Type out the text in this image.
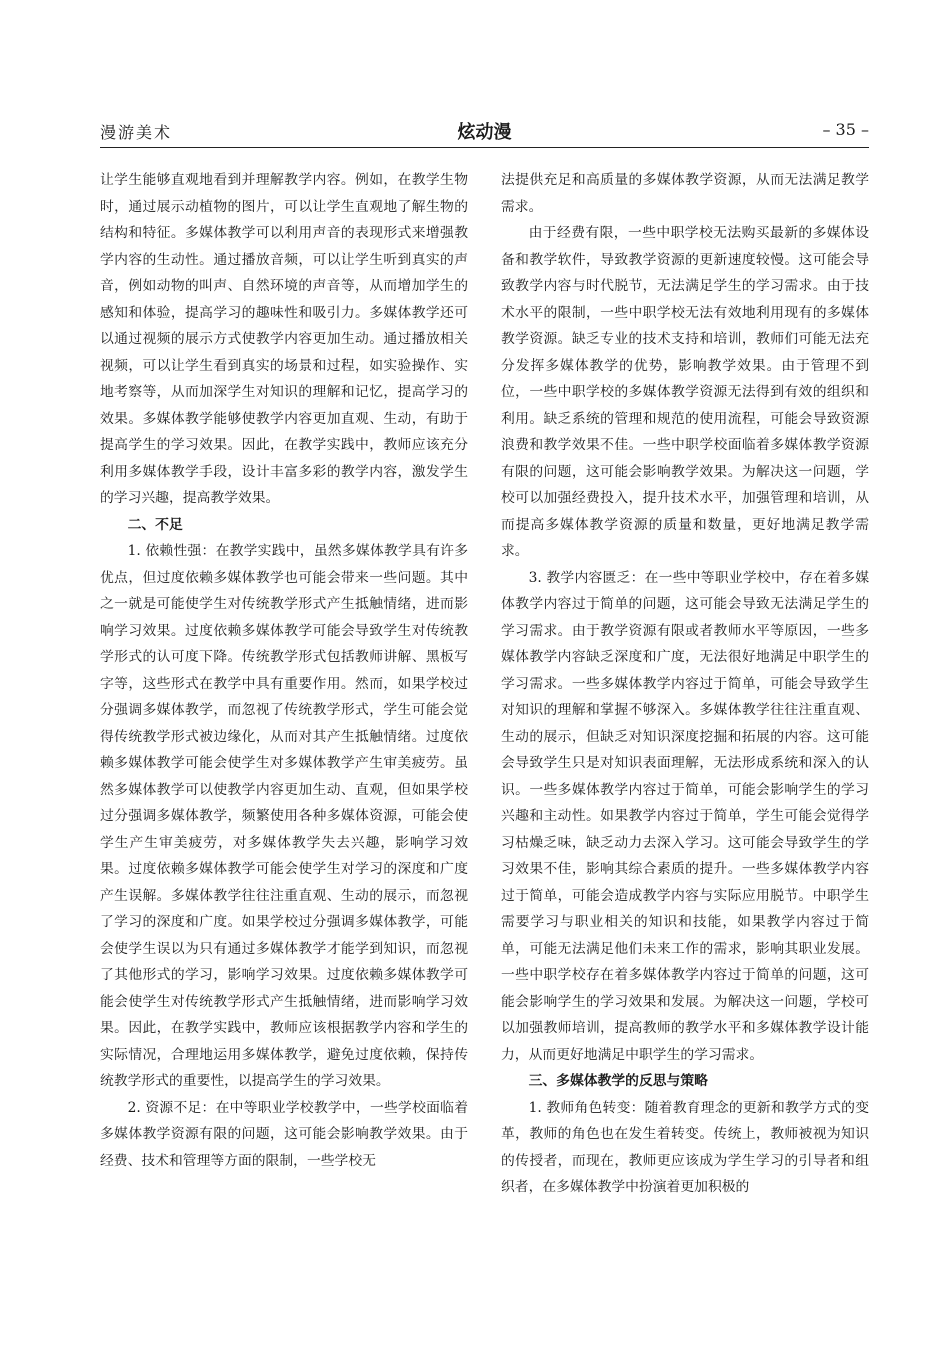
漫游美术	炫动漫	– 35 –

让学生能够直观地看到并理解教学内容。例如，在教学生物时，通过展示动植物的图片，可以让学生直观地了解生物的结构和特征。多媒体教学可以利用声音的表现形式来增强教学内容的生动性。通过播放音频，可以让学生听到真实的声音，例如动物的叫声、自然环境的声音等，从而增加学生的感知和体验，提高学习的趣味性和吸引力。多媒体教学还可以通过视频的展示方式使教学内容更加生动。通过播放相关视频，可以让学生看到真实的场景和过程，如实验操作、实地考察等，从而加深学生对知识的理解和记忆，提高学习的效果。多媒体教学能够使教学内容更加直观、生动，有助于提高学生的学习效果。因此，在教学实践中，教师应该充分利用多媒体教学手段，设计丰富多彩的教学内容，激发学生的学习兴趣，提高教学效果。

二、不足

1. 依赖性强：在教学实践中，虽然多媒体教学具有许多优点，但过度依赖多媒体教学也可能会带来一些问题。其中之一就是可能使学生对传统教学形式产生抵触情绪，进而影响学习效果。过度依赖多媒体教学可能会导致学生对传统教学形式的认可度下降。传统教学形式包括教师讲解、黑板写字等，这些形式在教学中具有重要作用。然而，如果学校过分强调多媒体教学，而忽视了传统教学形式，学生可能会觉得传统教学形式被边缘化，从而对其产生抵触情绪。过度依赖多媒体教学可能会使学生对多媒体教学产生审美疲劳。虽然多媒体教学可以使教学内容更加生动、直观，但如果学校过分强调多媒体教学，频繁使用各种多媒体资源，可能会使学生产生审美疲劳，对多媒体教学失去兴趣，影响学习效果。过度依赖多媒体教学可能会使学生对学习的深度和广度产生误解。多媒体教学往往注重直观、生动的展示，而忽视了学习的深度和广度。如果学校过分强调多媒体教学，可能会使学生误以为只有通过多媒体教学才能学到知识，而忽视了其他形式的学习，影响学习效果。过度依赖多媒体教学可能会使学生对传统教学形式产生抵触情绪，进而影响学习效果。因此，在教学实践中，教师应该根据教学内容和学生的实际情况，合理地运用多媒体教学，避免过度依赖，保持传统教学形式的重要性，以提高学生的学习效果。

2. 资源不足：在中等职业学校教学中，一些学校面临着多媒体教学资源有限的问题，这可能会影响教学效果。由于经费、技术和管理等方面的限制，一些学校无

法提供充足和高质量的多媒体教学资源，从而无法满足教学需求。

由于经费有限，一些中职学校无法购买最新的多媒体设备和教学软件，导致教学资源的更新速度较慢。这可能会导致教学内容与时代脱节，无法满足学生的学习需求。由于技术水平的限制，一些中职学校无法有效地利用现有的多媒体教学资源。缺乏专业的技术支持和培训，教师们可能无法充分发挥多媒体教学的优势，影响教学效果。由于管理不到位，一些中职学校的多媒体教学资源无法得到有效的组织和利用。缺乏系统的管理和规范的使用流程，可能会导致资源浪费和教学效果不佳。一些中职学校面临着多媒体教学资源有限的问题，这可能会影响教学效果。为解决这一问题，学校可以加强经费投入，提升技术水平，加强管理和培训，从而提高多媒体教学资源的质量和数量，更好地满足教学需求。

3. 教学内容匮乏：在一些中等职业学校中，存在着多媒体教学内容过于简单的问题，这可能会导致无法满足学生的学习需求。由于教学资源有限或者教师水平等原因，一些多媒体教学内容缺乏深度和广度，无法很好地满足中职学生的学习需求。一些多媒体教学内容过于简单，可能会导致学生对知识的理解和掌握不够深入。多媒体教学往往注重直观、生动的展示，但缺乏对知识深度挖掘和拓展的内容。这可能会导致学生只是对知识表面理解，无法形成系统和深入的认识。一些多媒体教学内容过于简单，可能会影响学生的学习兴趣和主动性。如果教学内容过于简单，学生可能会觉得学习枯燥乏味，缺乏动力去深入学习。这可能会导致学生的学习效果不佳，影响其综合素质的提升。一些多媒体教学内容过于简单，可能会造成教学内容与实际应用脱节。中职学生需要学习与职业相关的知识和技能，如果教学内容过于简单，可能无法满足他们未来工作的需求，影响其职业发展。一些中职学校存在着多媒体教学内容过于简单的问题，这可能会影响学生的学习效果和发展。为解决这一问题，学校可以加强教师培训，提高教师的教学水平和多媒体教学设计能力，从而更好地满足中职学生的学习需求。

三、多媒体教学的反思与策略

1. 教师角色转变：随着教育理念的更新和教学方式的变革，教师的角色也在发生着转变。传统上，教师被视为知识的传授者，而现在，教师更应该成为学生学习的引导者和组织者，在多媒体教学中扮演着更加积极的
